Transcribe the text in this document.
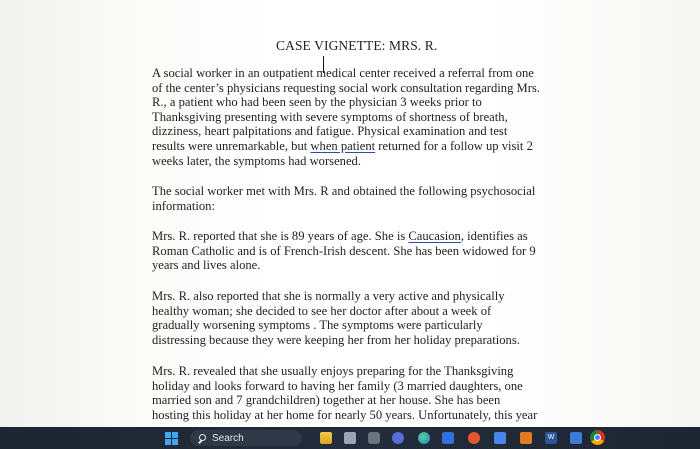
CASE VIGNETTE: MRS. R.

A social worker in an outpatient medical center received a referral from one
of the center’s physicians requesting social work consultation regarding Mrs.
R., a patient who had been seen by the physician 3 weeks prior to
Thanksgiving presenting with severe symptoms of shortness of breath,
dizziness, heart palpitations and fatigue. Physical examination and test
results were unremarkable, but when patient returned for a follow up visit 2
weeks later, the symptoms had worsened.

The social worker met with Mrs. R and obtained the following psychosocial
information:

Mrs. R. reported that she is 89 years of age. She is Caucasion, identifies as
Roman Catholic and is of French-Irish descent. She has been widowed for 9
years and lives alone.

Mrs. R. also reported that she is normally a very active and physically
healthy woman; she decided to see her doctor after about a week of
gradually worsening symptoms . The symptoms were particularly
distressing because they were keeping her from her holiday preparations.

Mrs. R. revealed that she usually enjoys preparing for the Thanksgiving
holiday and looks forward to having her family (3 married daughters, one
married son and 7 grandchildren) together at her house. She has been
hosting this holiday at her home for nearly 50 years. Unfortunately, this year

Search	W
